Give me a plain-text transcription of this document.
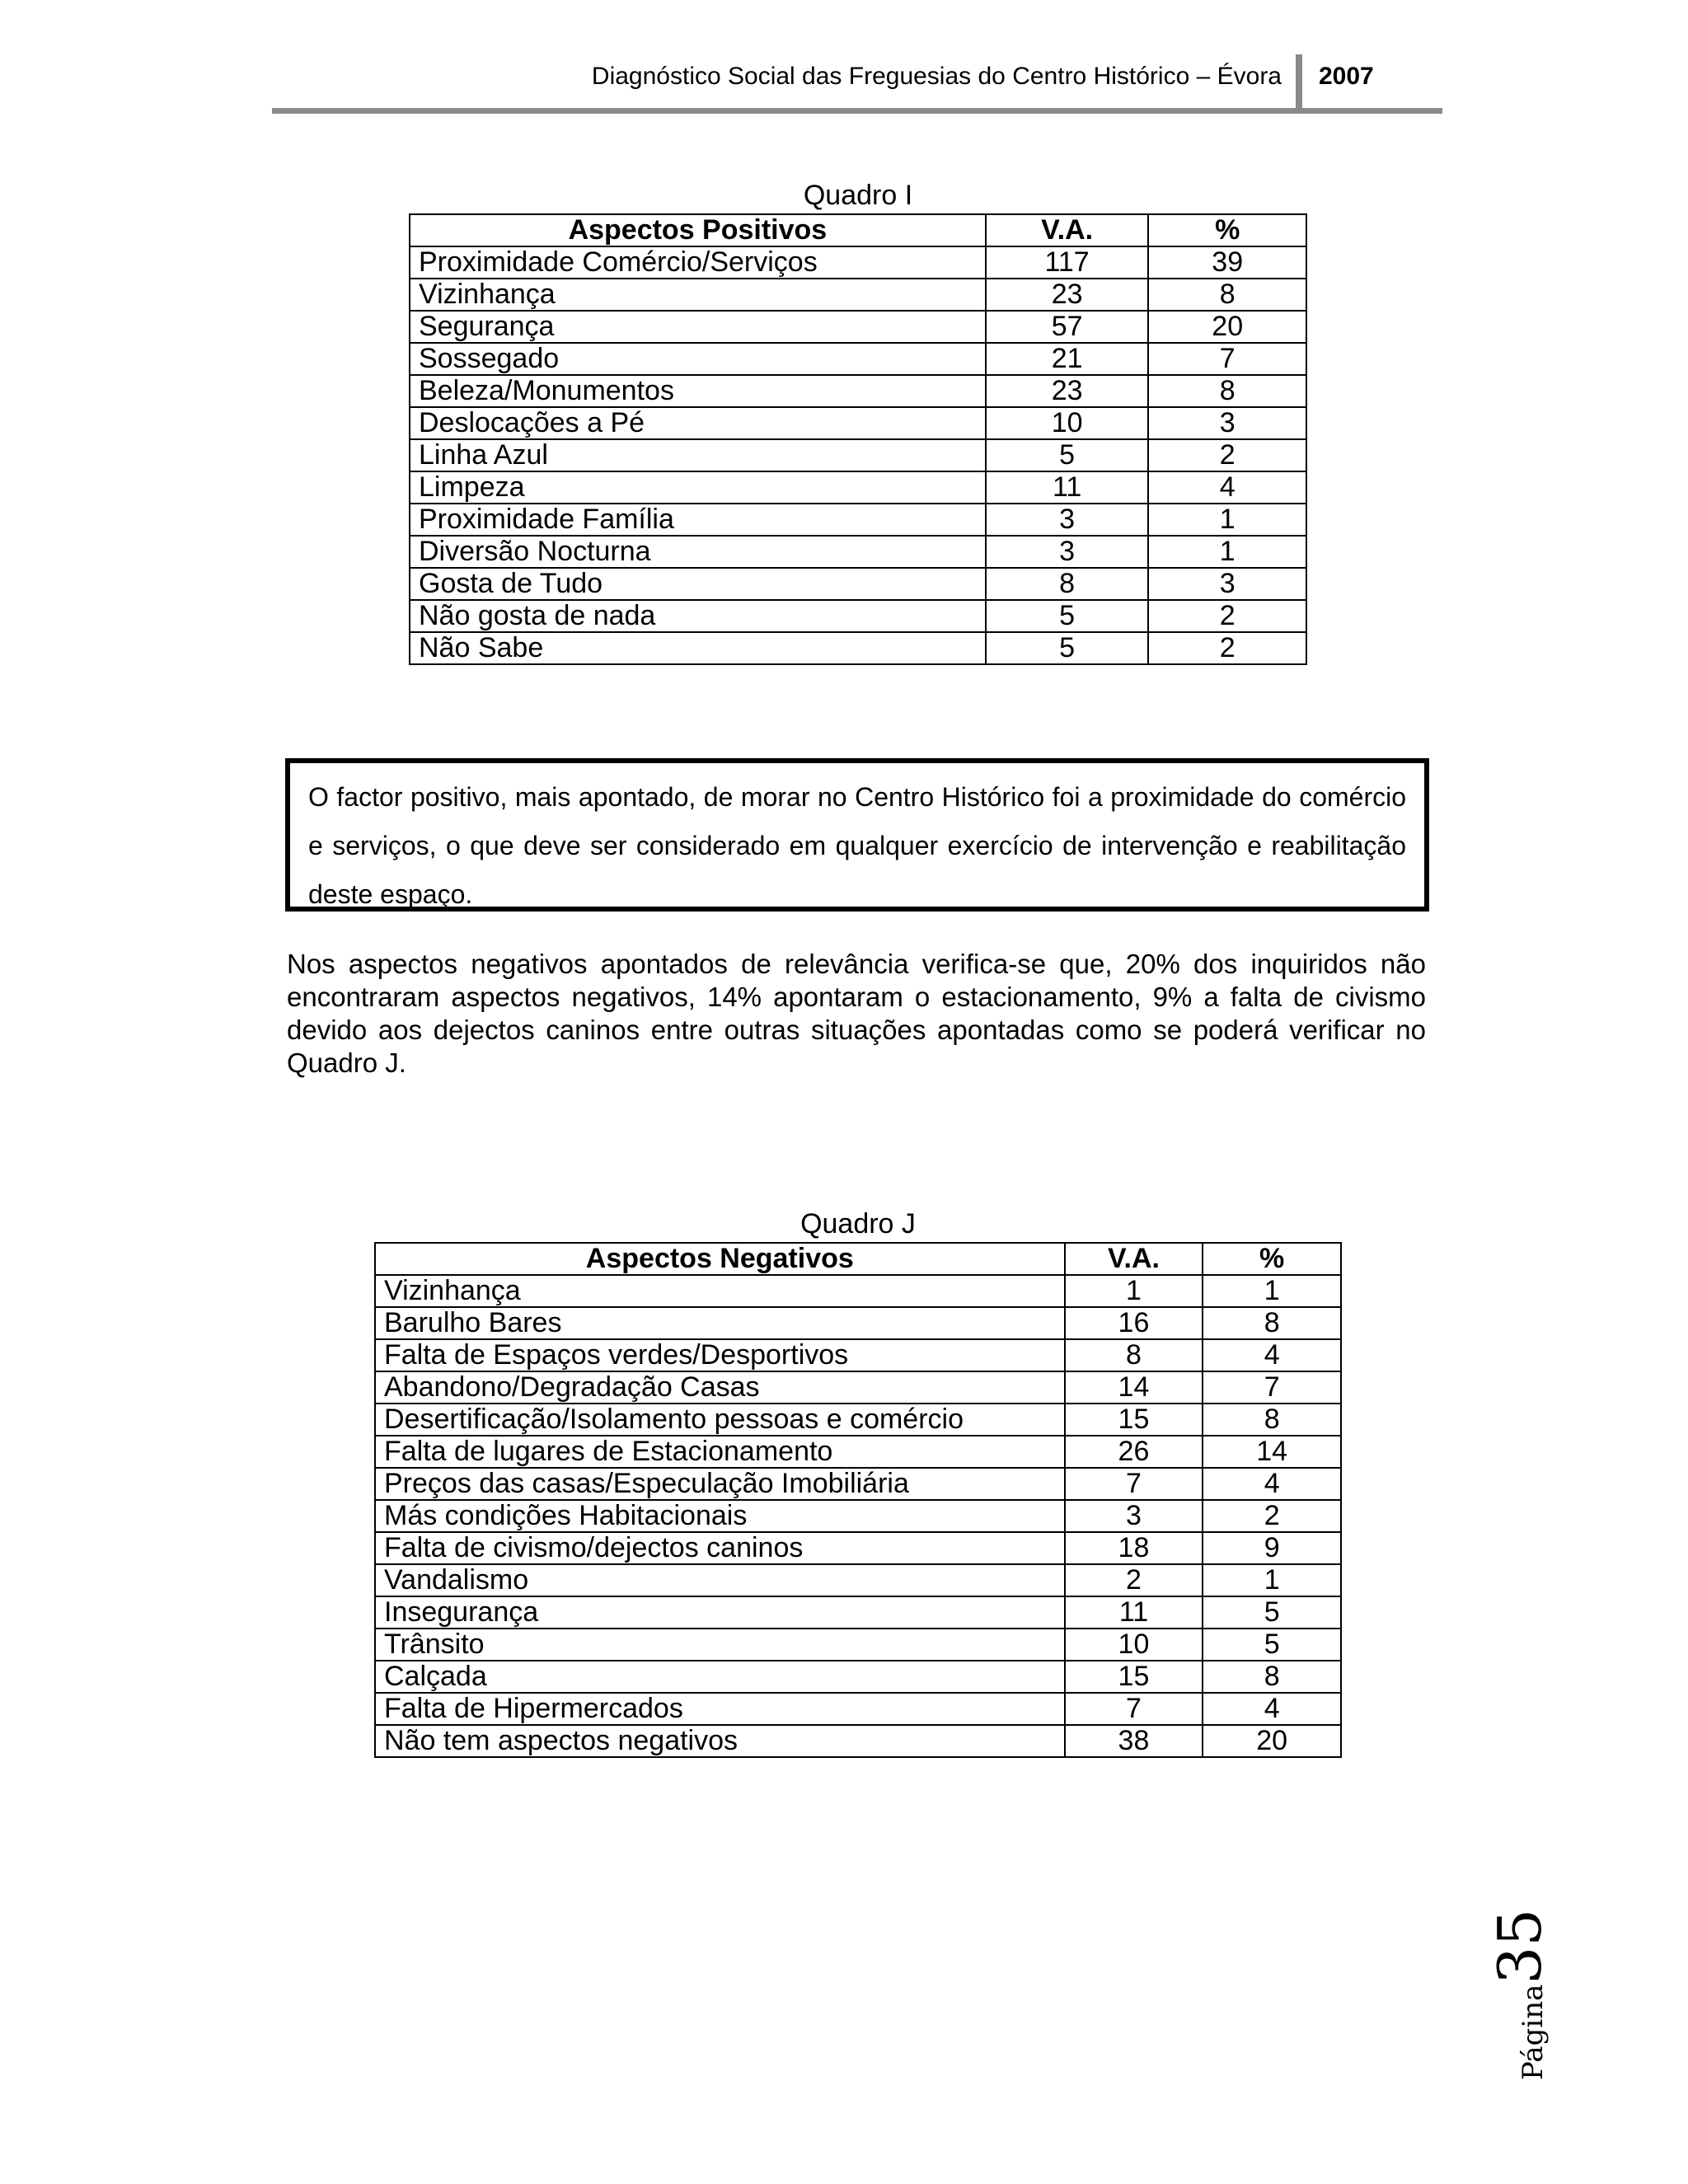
Diagnóstico Social das Freguesias do Centro Histórico – Évora 2007
Quadro I
Aspectos Positivos	V.A.	%
Proximidade Comércio/Serviços	117	39
Vizinhança	23	8
Segurança	57	20
Sossegado	21	7
Beleza/Monumentos	23	8
Deslocações a Pé	10	3
Linha Azul	5	2
Limpeza	11	4
Proximidade Família	3	1
Diversão Nocturna	3	1
Gosta de Tudo	8	3
Não gosta de nada	5	2
Não Sabe	5	2
O factor positivo, mais apontado, de morar no Centro Histórico foi a proximidade do comércio e serviços, o que deve ser considerado em qualquer exercício de intervenção e reabilitação deste espaço.
Nos aspectos negativos apontados de relevância verifica-se que, 20% dos inquiridos não encontraram aspectos negativos, 14% apontaram o estacionamento, 9% a falta de civismo devido aos dejectos caninos entre outras situações apontadas como se poderá verificar no Quadro J.
Quadro J
Aspectos Negativos	V.A.	%
Vizinhança	1	1
Barulho Bares	16	8
Falta de Espaços verdes/Desportivos	8	4
Abandono/Degradação Casas	14	7
Desertificação/Isolamento pessoas e comércio	15	8
Falta de lugares de Estacionamento	26	14
Preços das casas/Especulação Imobiliária	7	4
Más condições Habitacionais	3	2
Falta de civismo/dejectos caninos	18	9
Vandalismo	2	1
Insegurança	11	5
Trânsito	10	5
Calçada	15	8
Falta de Hipermercados	7	4
Não tem aspectos negativos	38	20
Página
35
